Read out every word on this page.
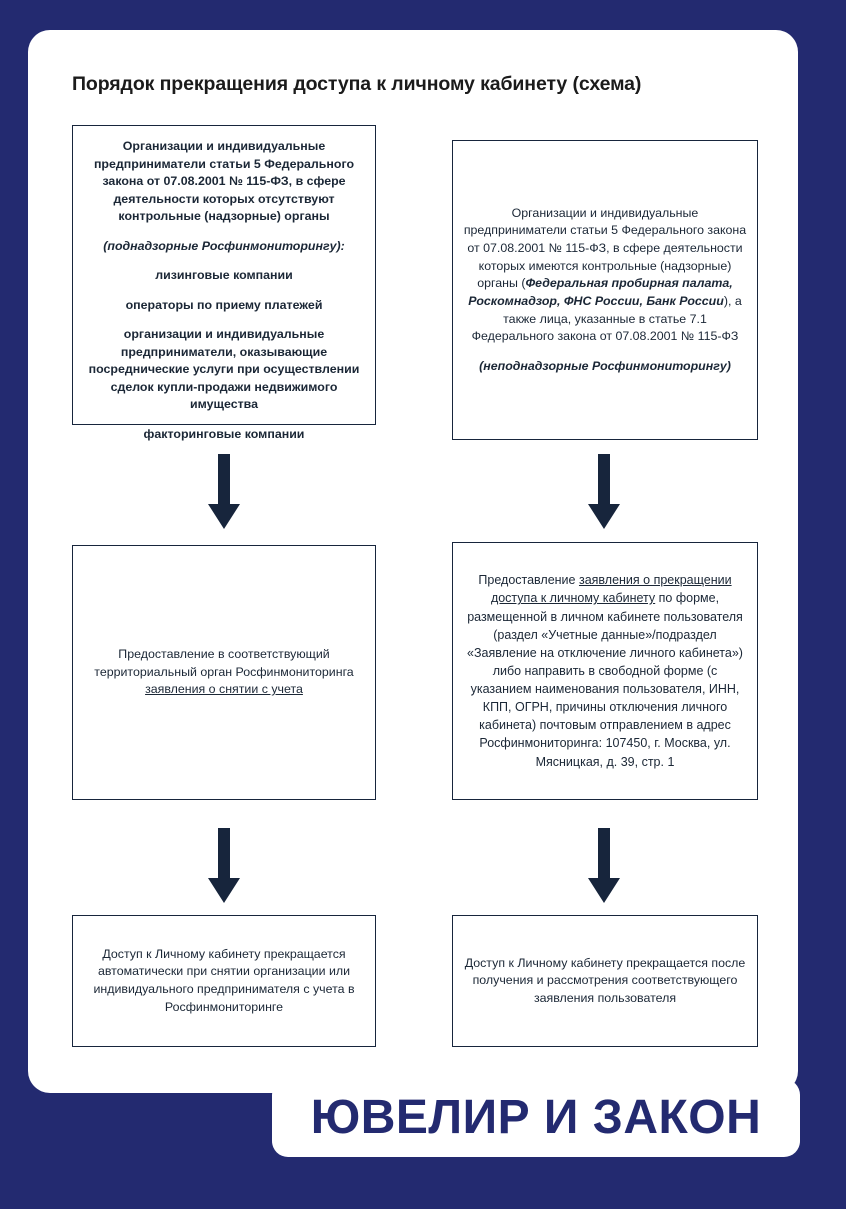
Порядок прекращения доступа к личному кабинету (схема)

Организации и индивидуальные предприниматели статьи 5 Федерального закона от 07.08.2001 № 115-ФЗ, в сфере деятельности которых отсутствуют контрольные (надзорные) органы

(поднадзорные Росфинмониторингу):

лизинговые компании

операторы по приему платежей

организации и индивидуальные предприниматели, оказывающие посреднические услуги при осуществлении сделок купли-продажи недвижимого имущества

факторинговые компании

Организации и индивидуальные предприниматели статьи 5 Федерального закона от 07.08.2001 № 115-ФЗ, в сфере деятельности которых имеются контрольные (надзорные) органы (Федеральная пробирная палата, Роскомнадзор, ФНС России, Банк России), а также лица, указанные в статье 7.1 Федерального закона от 07.08.2001 № 115-ФЗ

(неподнадзорные Росфинмониторингу)

Предоставление в соответствующий территориальный орган Росфинмониторинга заявления о снятии с учета

Предоставление заявления о прекращении доступа к личному кабинету по форме, размещенной в личном кабинете пользователя (раздел «Учетные данные»/подраздел «Заявление на отключение личного кабинета») либо направить в свободной форме (с указанием наименования пользователя, ИНН, КПП, ОГРН, причины отключения личного кабинета) почтовым отправлением в адрес Росфинмониторинга: 107450, г. Москва, ул. Мясницкая, д. 39, стр. 1

Доступ к Личному кабинету прекращается автоматически при снятии организации или индивидуального предпринимателя с учета в Росфинмониторинге

Доступ к Личному кабинету прекращается после получения и рассмотрения соответствующего заявления пользователя

ЮВЕЛИР И ЗАКОН
